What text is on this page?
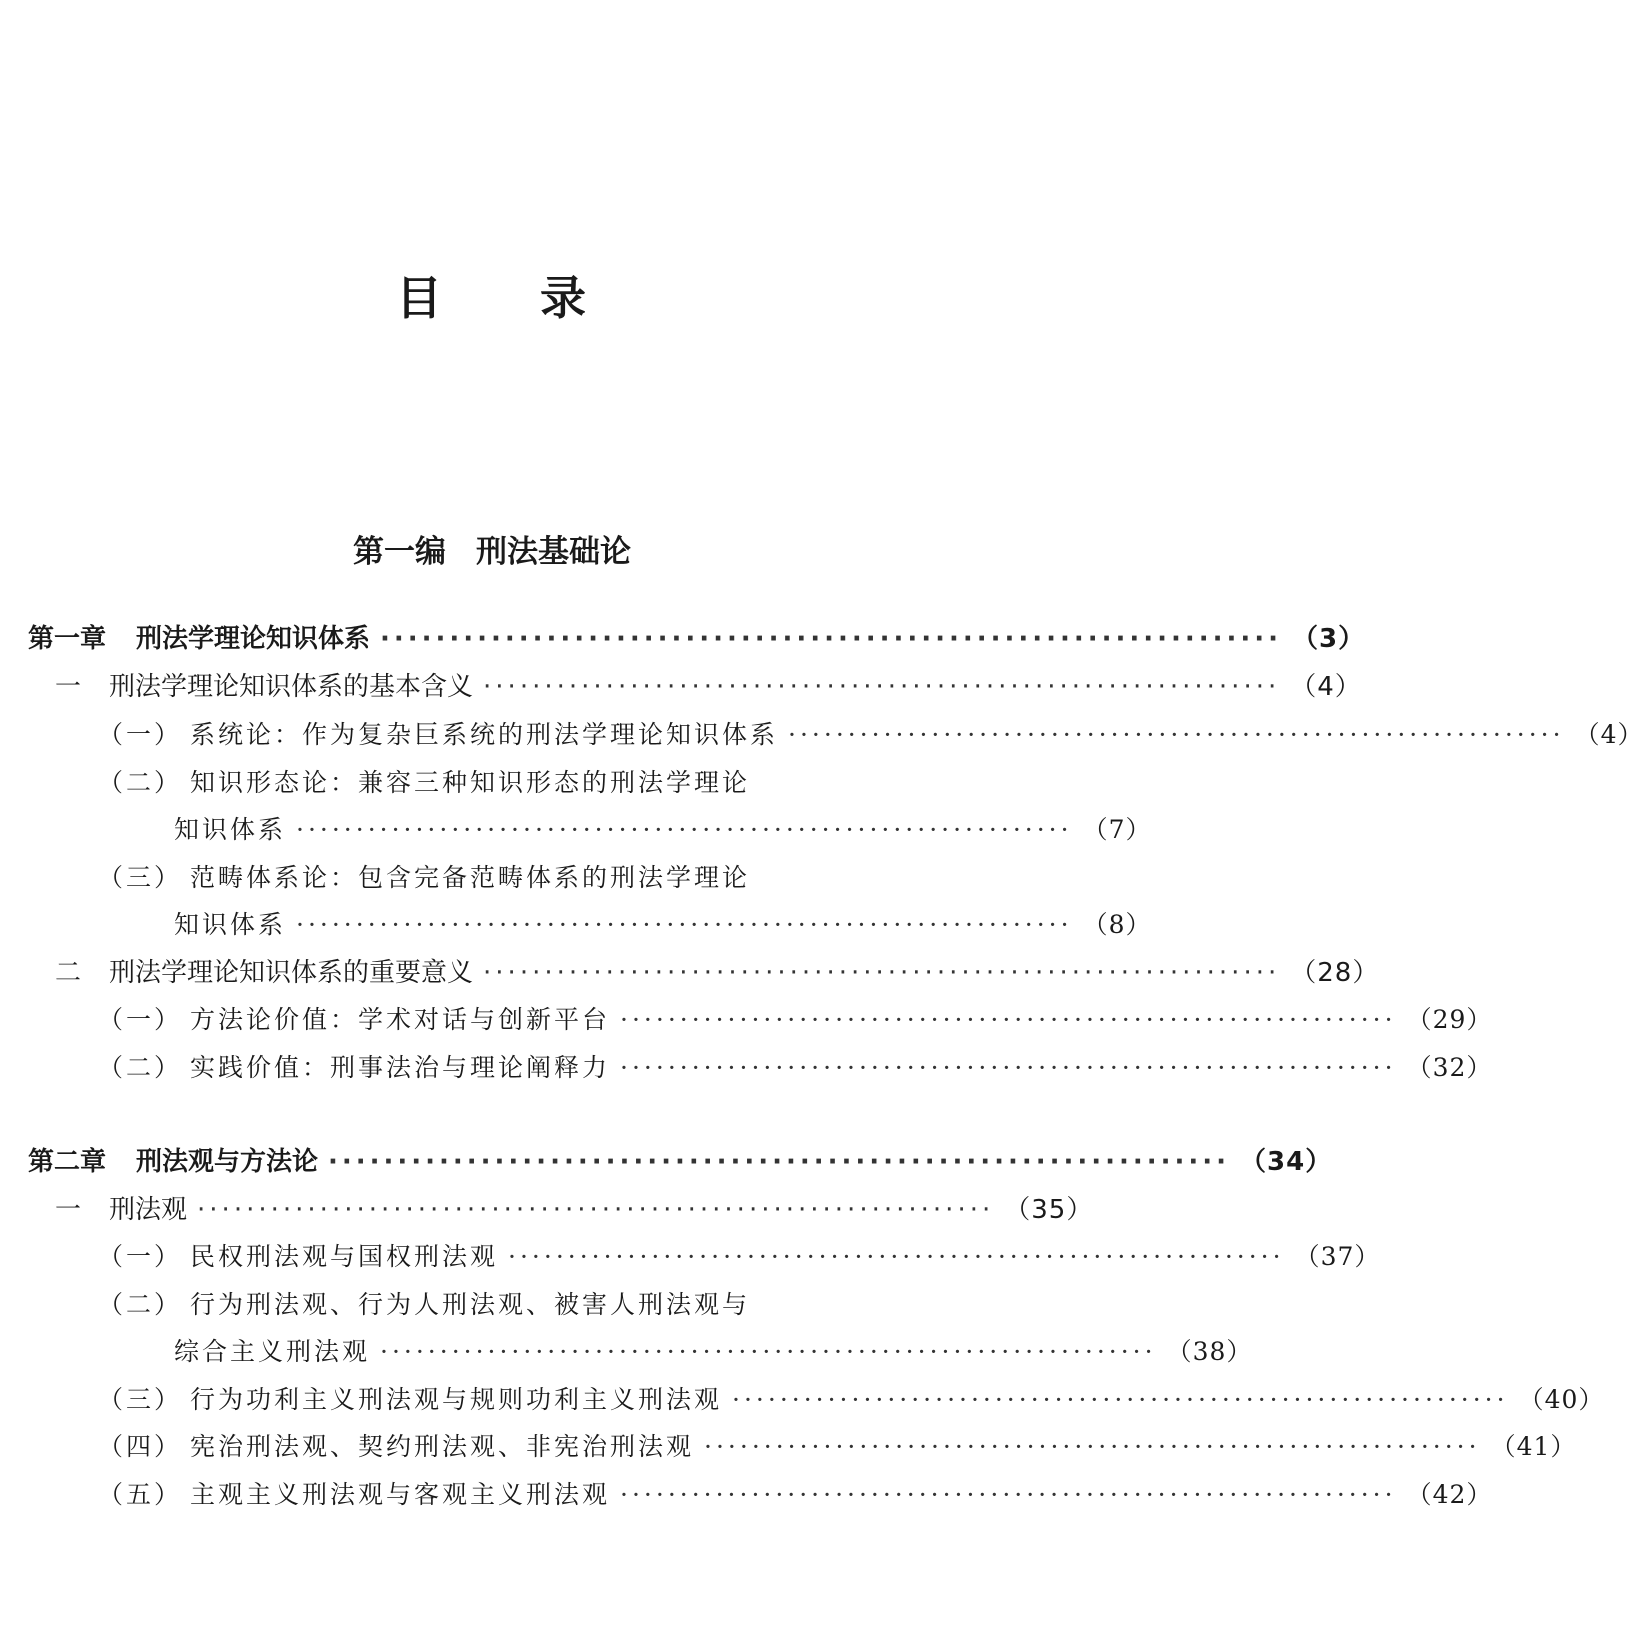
目 录
第一编 刑法基础论
第一章 刑法学理论知识体系 ································································· （3）
一 刑法学理论知识体系的基本含义 ································································· （4）
（一） 系统论：作为复杂巨系统的刑法学理论知识体系 ································································· （4）
（二） 知识形态论：兼容三种知识形态的刑法学理论
知识体系 ································································· （7）
（三） 范畴体系论：包含完备范畴体系的刑法学理论
知识体系 ································································· （8）
二 刑法学理论知识体系的重要意义 ································································· （28）
（一） 方法论价值：学术对话与创新平台 ································································· （29）
（二） 实践价值：刑事法治与理论阐释力 ································································· （32）
第二章 刑法观与方法论 ································································· （34）
一 刑法观 ································································· （35）
（一） 民权刑法观与国权刑法观 ································································· （37）
（二） 行为刑法观、行为人刑法观、被害人刑法观与
综合主义刑法观 ································································· （38）
（三） 行为功利主义刑法观与规则功利主义刑法观 ································································· （40）
（四） 宪治刑法观、契约刑法观、非宪治刑法观 ································································· （41）
（五） 主观主义刑法观与客观主义刑法观 ································································· （42）
